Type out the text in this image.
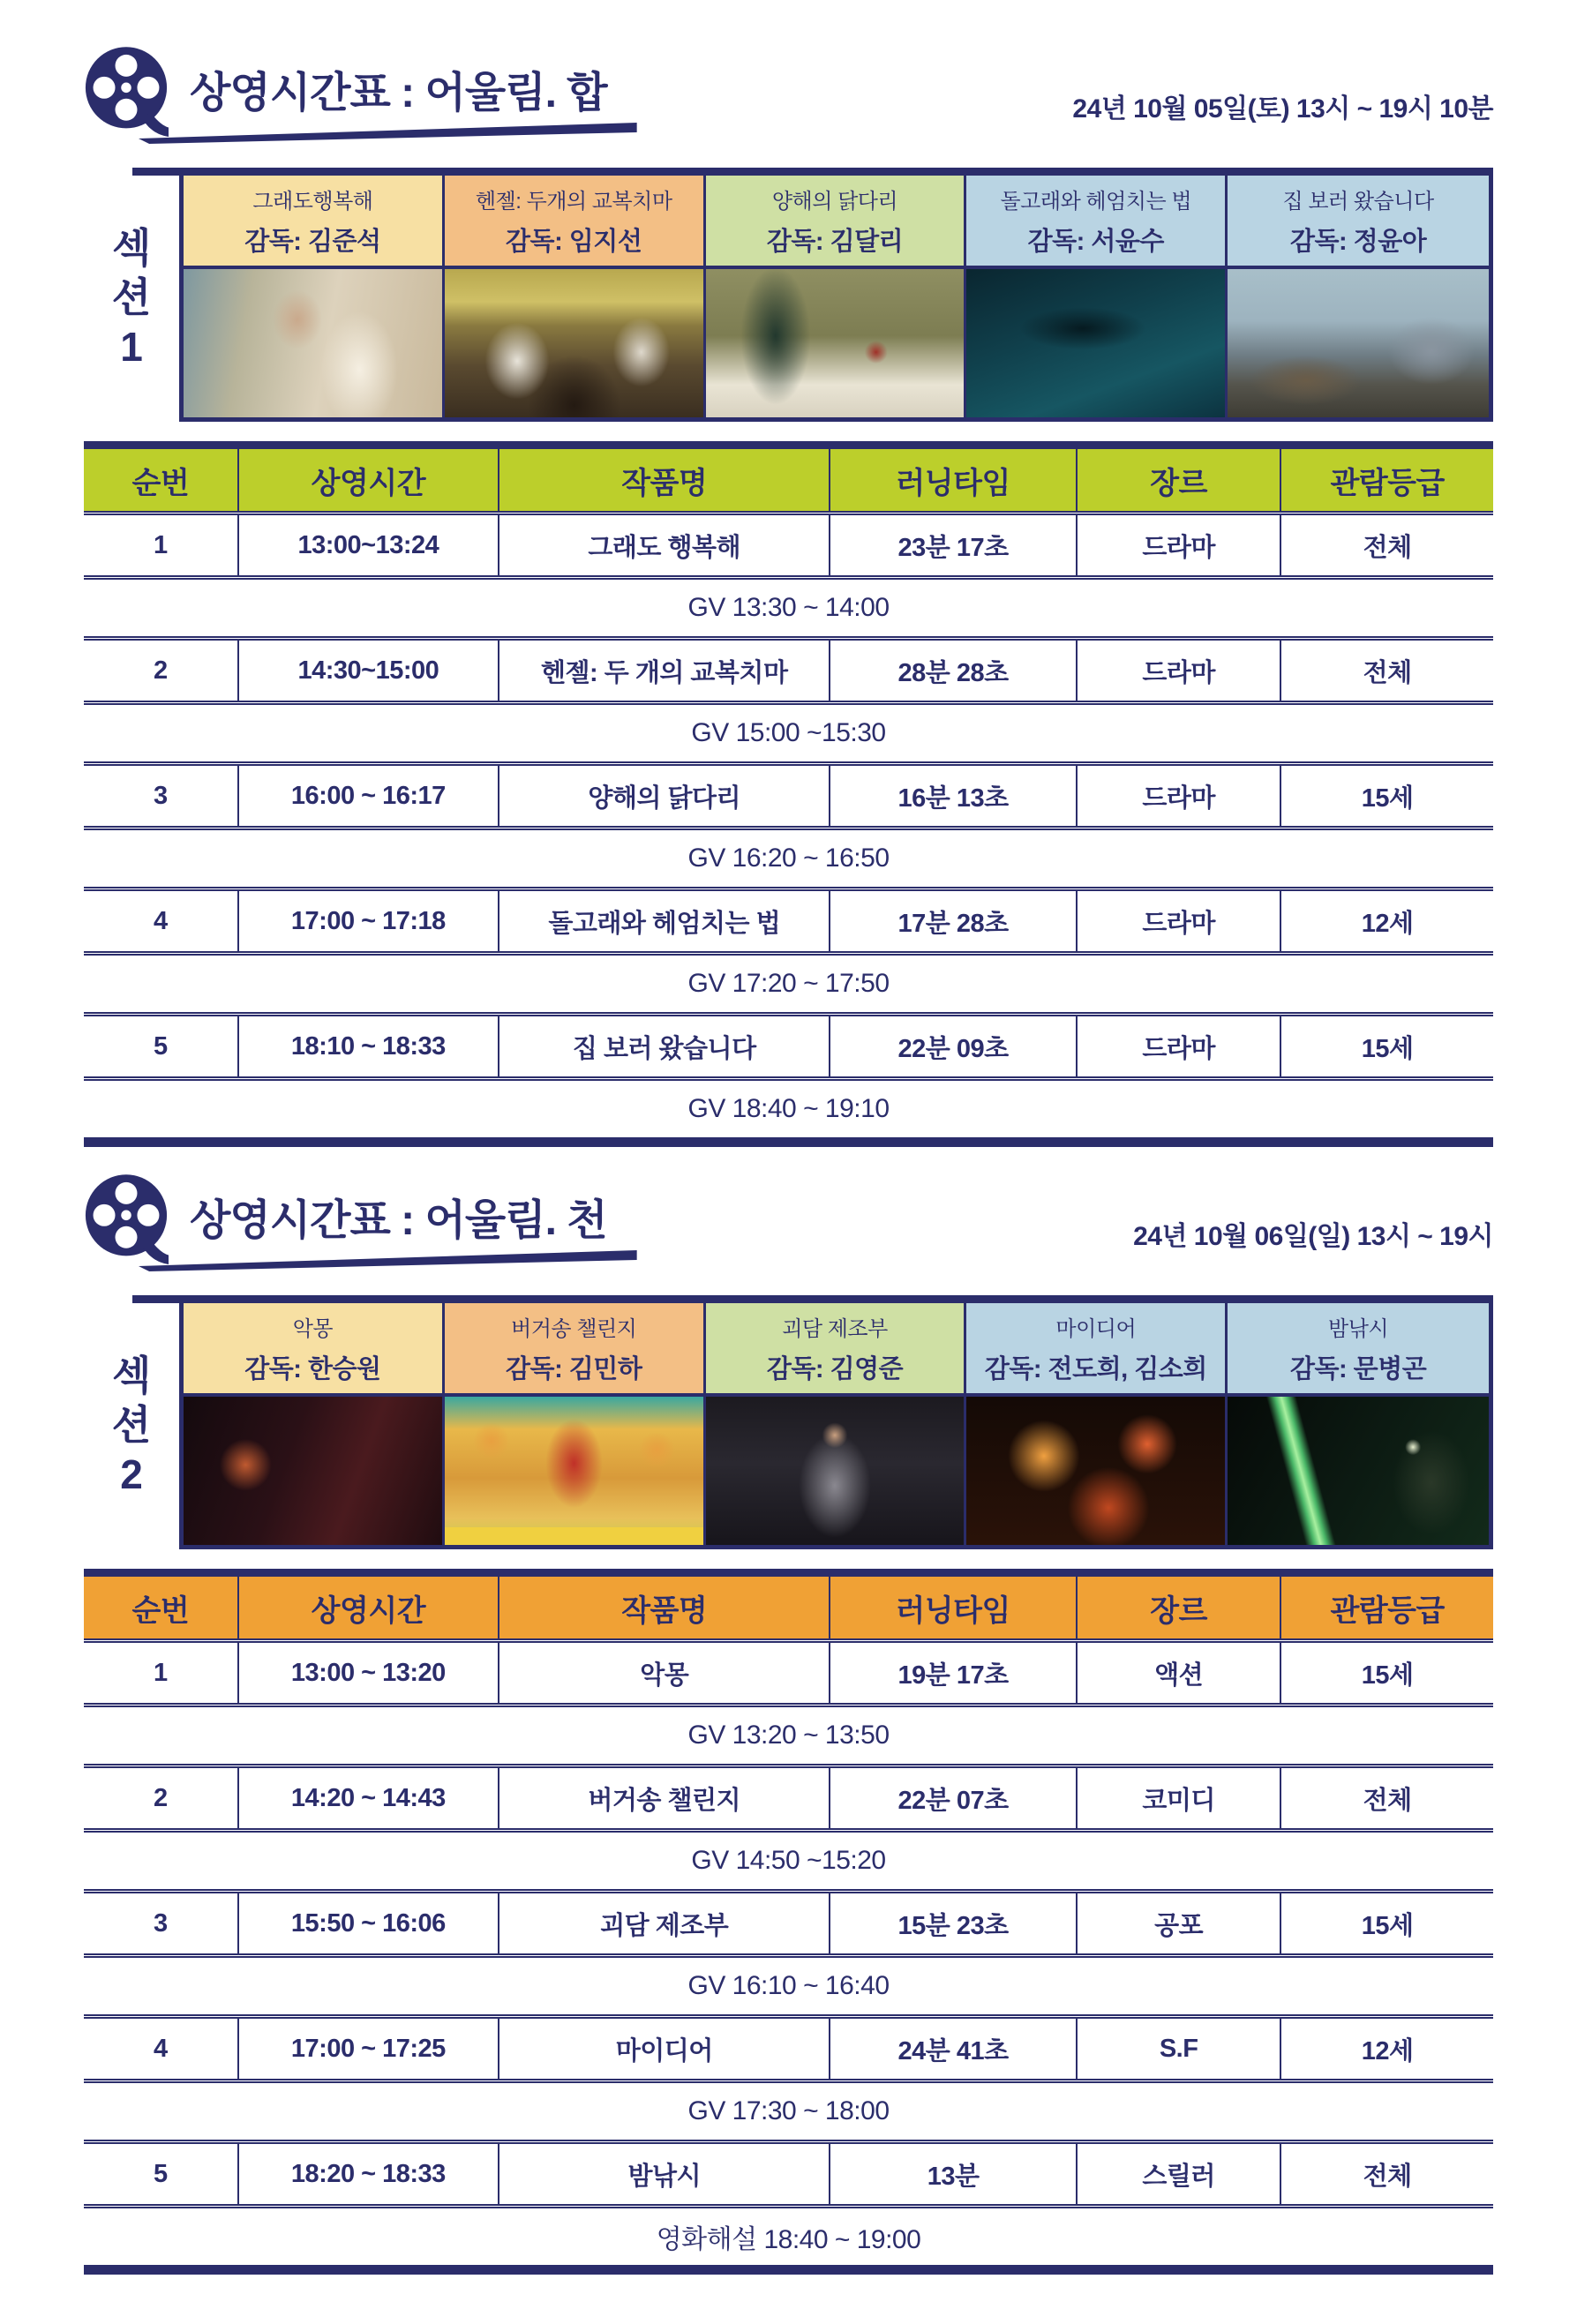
상영시간표 : 어울림. 합	24년 10월 05일(토) 13시 ~ 19시 10분
섹
션
1
그래도행복해
감독: 김준석
헨젤: 두개의 교복치마
감독: 임지선
양해의 닭다리
감독: 김달리
돌고래와 헤엄치는 법
감독: 서윤수
집 보러 왔습니다
감독: 정윤아
순번	상영시간	작품명	러닝타임	장르	관람등급
1	13:00~13:24	그래도 행복해	23분 17초	드라마	전체
GV 13:30 ~ 14:00
2	14:30~15:00	헨젤: 두 개의 교복치마	28분 28초	드라마	전체
GV 15:00 ~15:30
3	16:00 ~ 16:17	양해의 닭다리	16분 13초	드라마	15세
GV 16:20 ~ 16:50
4	17:00 ~ 17:18	돌고래와 헤엄치는 법	17분 28초	드라마	12세
GV 17:20 ~ 17:50
5	18:10 ~ 18:33	집 보러 왔습니다	22분 09초	드라마	15세
GV 18:40 ~ 19:10
상영시간표 : 어울림. 천	24년 10월 06일(일) 13시 ~ 19시
섹
션
2
악몽
감독: 한승원
버거송 챌린지
감독: 김민하
괴담 제조부
감독: 김영준
마이디어
감독: 전도희, 김소희
밤낚시
감독: 문병곤
순번	상영시간	작품명	러닝타임	장르	관람등급
1	13:00 ~ 13:20	악몽	19분 17초	액션	15세
GV 13:20 ~ 13:50
2	14:20 ~ 14:43	버거송 챌린지	22분 07초	코미디	전체
GV 14:50 ~15:20
3	15:50 ~ 16:06	괴담 제조부	15분 23초	공포	15세
GV 16:10 ~ 16:40
4	17:00 ~ 17:25	마이디어	24분 41초	S.F	12세
GV 17:30 ~ 18:00
5	18:20 ~ 18:33	밤낚시	13분	스릴러	전체
영화해설 18:40 ~ 19:00
